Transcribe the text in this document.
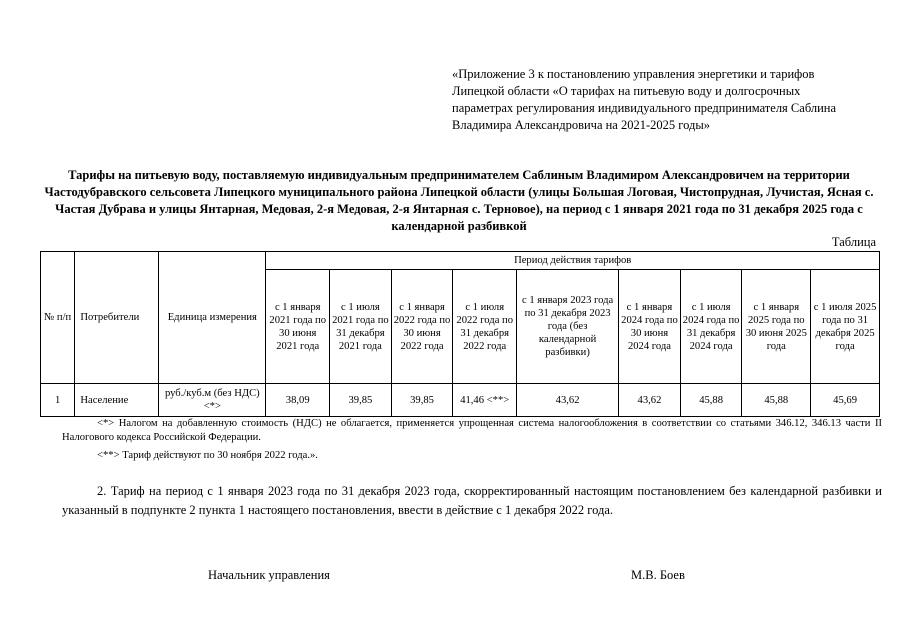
«Приложение 3 к постановлению управления энергетики и тарифов Липецкой области «О тарифах на питьевую воду и долгосрочных параметрах регулирования индивидуального предпринимателя Саблина Владимира Александровича на 2021-2025 годы»
Тарифы на питьевую воду, поставляемую индивидуальным предпринимателем Саблиным Владимиром Александровичем на территории Частодубравского сельсовета Липецкого муниципального района Липецкой области (улицы Большая Логовая, Чистопрудная, Лучистая, Ясная с. Частая Дубрава и улицы Янтарная, Медовая, 2-я Медовая, 2-я Янтарная с. Терновое), на период с 1 января 2021 года по 31 декабря 2025 года с календарной разбивкой
Таблица
№ п/п	Потребители	Единица измерения	Период действия тарифов								
			с 1 января 2021 года по 30 июня 2021 года	с 1 июля 2021 года по 31 декабря 2021 года	с 1 января 2022 года по 30 июня 2022 года	с 1 июля 2022 года по 31 декабря 2022 года	с 1 января 2023 года по 31 декабря 2023 года (без календарной разбивки)	с 1 января 2024 года по 30 июня 2024 года	с 1 июля 2024 года по 31 декабря 2024 года	с 1 января 2025 года по 30 июня 2025 года	с 1 июля 2025 года по 31 декабря 2025 года
1	Население	руб./куб.м (без НДС) <*>	38,09	39,85	39,85	41,46 <**>	43,62	43,62	45,88	45,88	45,69
<*> Налогом на добавленную стоимость (НДС) не облагается, применяется упрощенная система налогообложения в соответствии со статьями 346.12, 346.13 части II Налогового кодекса Российской Федерации.
<**> Тариф действуют по 30 ноября 2022 года.».
2. Тариф на период с 1 января 2023 года по 31 декабря 2023 года, скорректированный настоящим постановлением без календарной разбивки и указанный в подпункте 2 пункта 1 настоящего постановления, ввести в действие с 1 декабря 2022 года.
Начальник управления	М.В. Боев
